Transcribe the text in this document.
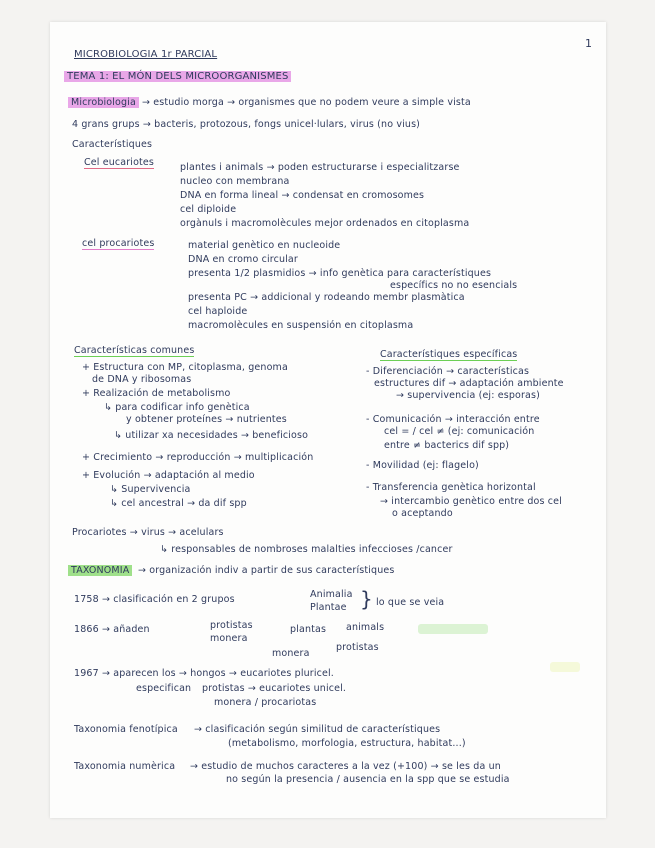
1
MICROBIOLOGIA 1r PARCIAL
TEMA 1: EL MÓN DELS MICROORGANISMES
Microbiologia → estudio morga → organismes que no podem veure a simple vista
4 grans grups → bacteris, protozous, fongs unicel·lulars, virus (no vius)
Característiques
Cel eucariotes	plantes i animals → poden estructurarse i especialitzarse
nucleo con membrana
DNA en forma lineal → condensat en cromosomes
cel diploide
orgànuls i macromolècules mejor ordenados en citoplasma
cel procariotes	material genètico en nucleoide
DNA en cromo circular
presenta 1/2 plasmidios → info genètica para característiques
específics no no esencials
presenta PC → addicional y rodeando membr plasmàtica
cel haploide
macromolècules en suspensión en citoplasma
Características comunes
+ Estructura con MP, citoplasma, genoma
de DNA y ribosomas
+ Realización de metabolismo
↳ para codificar info genètica
y obtener proteínes → nutrientes
↳ utilizar xa necesidades → beneficioso
+ Crecimiento → reproducción → multiplicación
+ Evolución → adaptación al medio
↳ Supervivencia
↳ cel ancestral → da dif spp
Característiques específicas
- Diferenciación → características
estructures dif → adaptación ambiente
→ supervivencia (ej: esporas)
- Comunicación → interacción entre
cel = / cel ≠ (ej: comunicación
entre ≠ bacterics dif spp)
- Movilidad (ej: flagelo)
- Transferencia genètica horizontal
→ intercambio genètico entre dos cel
o aceptando
Procariotes → virus → acelulars
↳ responsables de nombroses malalties infeccioses /cancer
TAXONOMIA → organización indiv a partir de sus característiques
1758 → clasificación en 2 grupos	Animalia
Plantae } lo que se veia
1866 → añaden	protistas
monera
plantas animals
monera
protistas
1967 → aparecen los → hongos → eucariotes pluricel.
especifican protistas → eucariotes unicel.
monera / procariotas
Taxonomia fenotípica → clasificación según similitud de característiques
(metabolismo, morfologia, estructura, habitat...)
Taxonomia numèrica → estudio de muchos caracteres a la vez (+100) → se les da un
no según la presencia / ausencia en la spp que se estudia
